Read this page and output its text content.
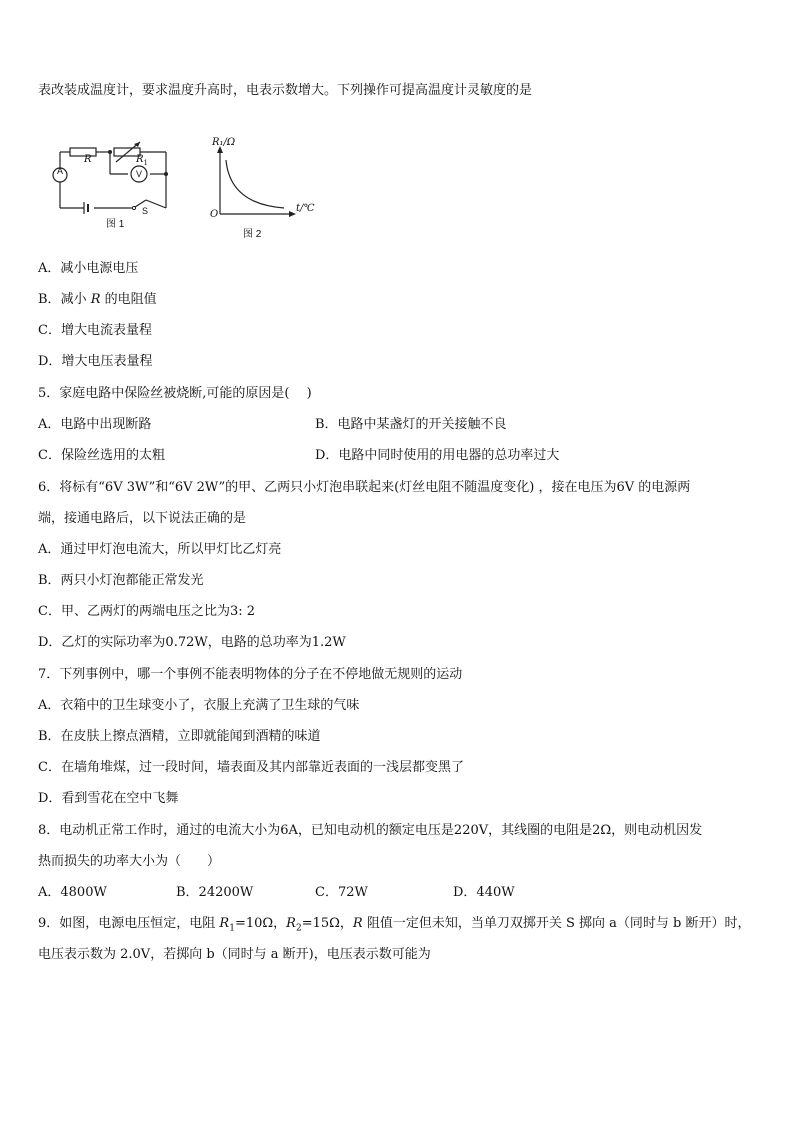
表改装成温度计，要求温度升高时，电表示数增大。下列操作可提高温度计灵敏度的是
A	V
R	$R_1$
S
图 1
R₁/Ω
t/℃
O
图 2
A．减小电源电压
B．减小 R 的电阻值
C．增大电流表量程
D．增大电压表量程
5．家庭电路中保险丝被烧断,可能的原因是(　 )
A．电路中出现断路	B．电路中某盏灯的开关接触不良
C．保险丝选用的太粗	D．电路中同时使用的用电器的总功率过大
6．将标有“6V 3W”和“6V 2W”的甲、乙两只小灯泡串联起来(灯丝电阻不随温度变化) ，接在电压为6V 的电源两
端，接通电路后，以下说法正确的是
A．通过甲灯泡电流大，所以甲灯比乙灯亮
B．两只小灯泡都能正常发光
C．甲、乙两灯的两端电压之比为3: 2
D．乙灯的实际功率为0.72W，电路的总功率为1.2W
7．下列事例中，哪一个事例不能表明物体的分子在不停地做无规则的运动
A．衣箱中的卫生球变小了，衣服上充满了卫生球的气味
B．在皮肤上擦点酒精，立即就能闻到酒精的味道
C．在墙角堆煤，过一段时间，墙表面及其内部靠近表面的一浅层都变黑了
D．看到雪花在空中飞舞
8．电动机正常工作时，通过的电流大小为6A，已知电动机的额定电压是220V，其线圈的电阻是2Ω，则电动机因发
热而损失的功率大小为（　　）
A．4800W	B．24200W	C．72W	D．440W
9．如图，电源电压恒定，电阻 $R_1=10\Omega$，$R_2=15\Omega$，R 阻值一定但未知，当单刀双掷开关 S 掷向 a（同时与 b 断开）时，
电压表示数为 2.0V，若掷向 b（同时与 a 断开)，电压表示数可能为
